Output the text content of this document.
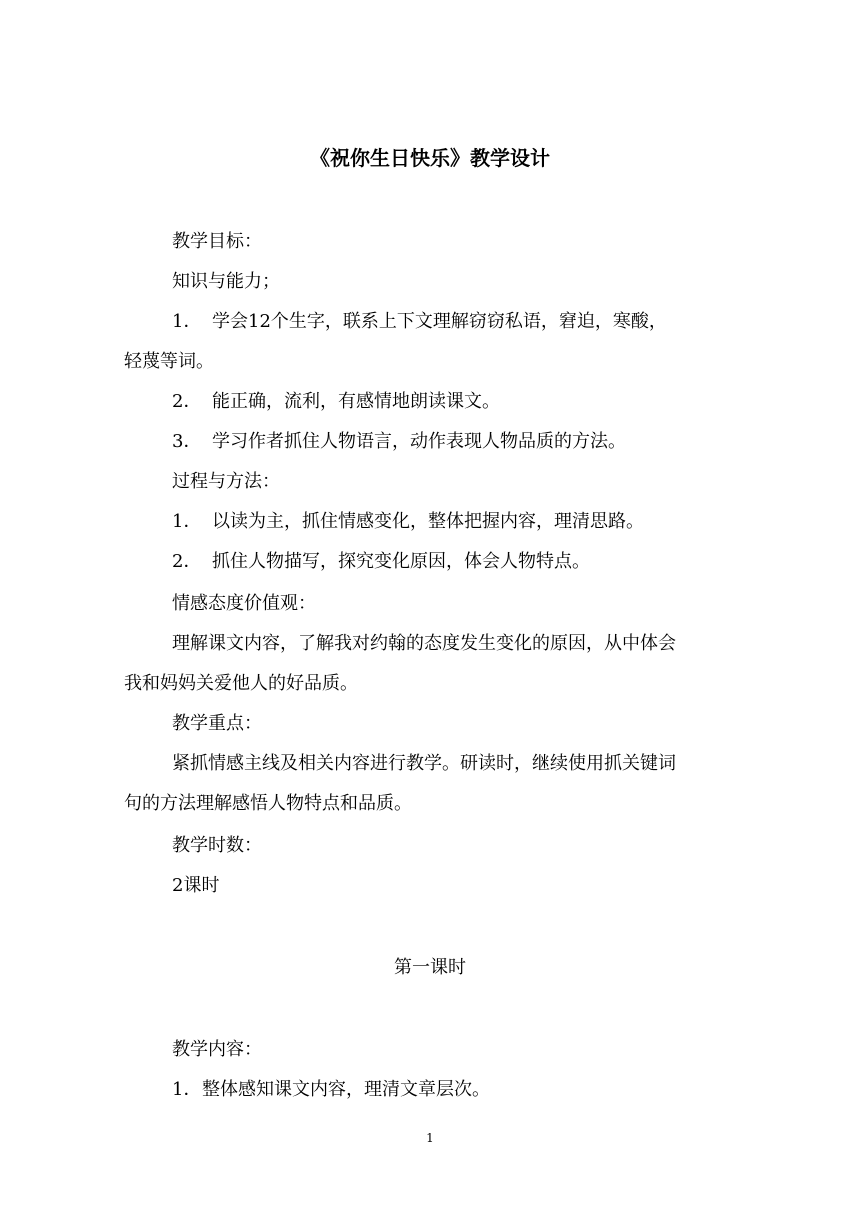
《祝你生日快乐》教学设计
教学目标：
知识与能力；
1． 学会12个生字，联系上下文理解窃窃私语，窘迫，寒酸，
轻蔑等词。
2． 能正确，流利，有感情地朗读课文。
3． 学习作者抓住人物语言，动作表现人物品质的方法。
过程与方法：
1． 以读为主，抓住情感变化，整体把握内容，理清思路。
2． 抓住人物描写，探究变化原因，体会人物特点。
情感态度价值观：
理解课文内容，了解我对约翰的态度发生变化的原因，从中体会
我和妈妈关爱他人的好品质。
教学重点：
紧抓情感主线及相关内容进行教学。研读时，继续使用抓关键词
句的方法理解感悟人物特点和品质。
教学时数：
2课时
第一课时
教学内容：
1．整体感知课文内容，理清文章层次。
1
